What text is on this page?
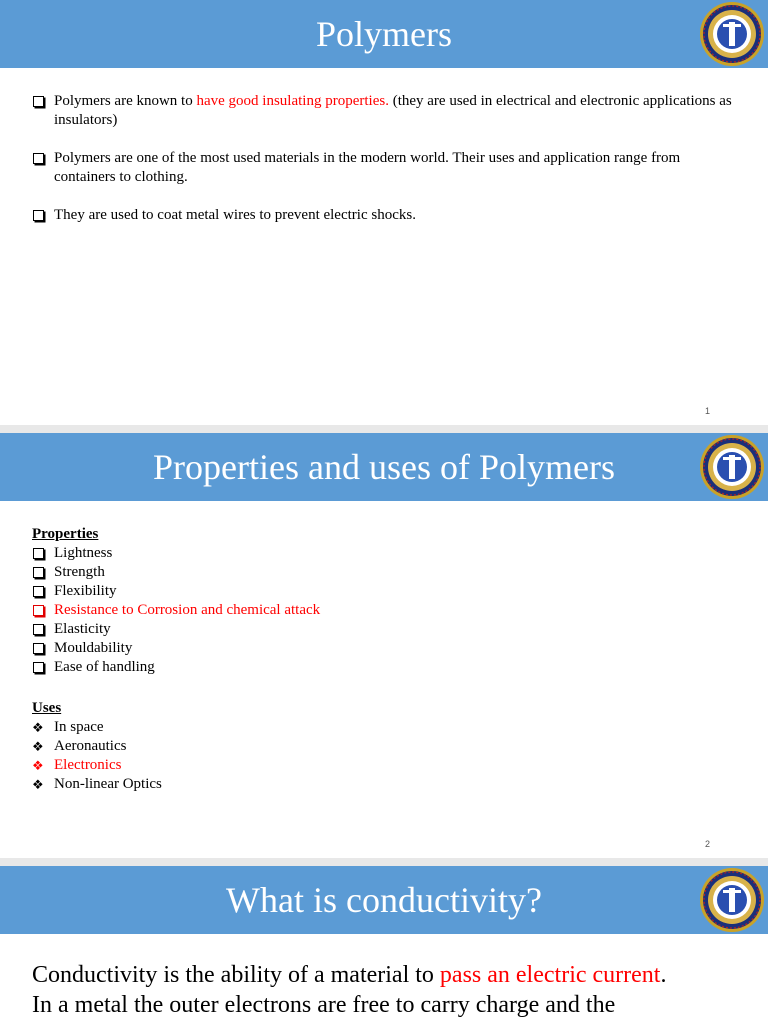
Polymers
Polymers are known to have good insulating properties. (they are used in electrical and electronic applications as insulators)
Polymers are one of the most used materials in the modern world. Their uses and application range from containers to clothing.
They are used to coat metal wires to prevent electric shocks.
1
Properties and uses of Polymers
Properties
Lightness
Strength
Flexibility
Resistance to Corrosion and chemical attack
Elasticity
Mouldability
Ease of handling
Uses
❖ In space
❖ Aeronautics
❖ Electronics
❖ Non-linear Optics
2
What is conductivity?
Conductivity is the ability of a material to pass an electric current.
In a metal the outer electrons are free to carry charge and the
